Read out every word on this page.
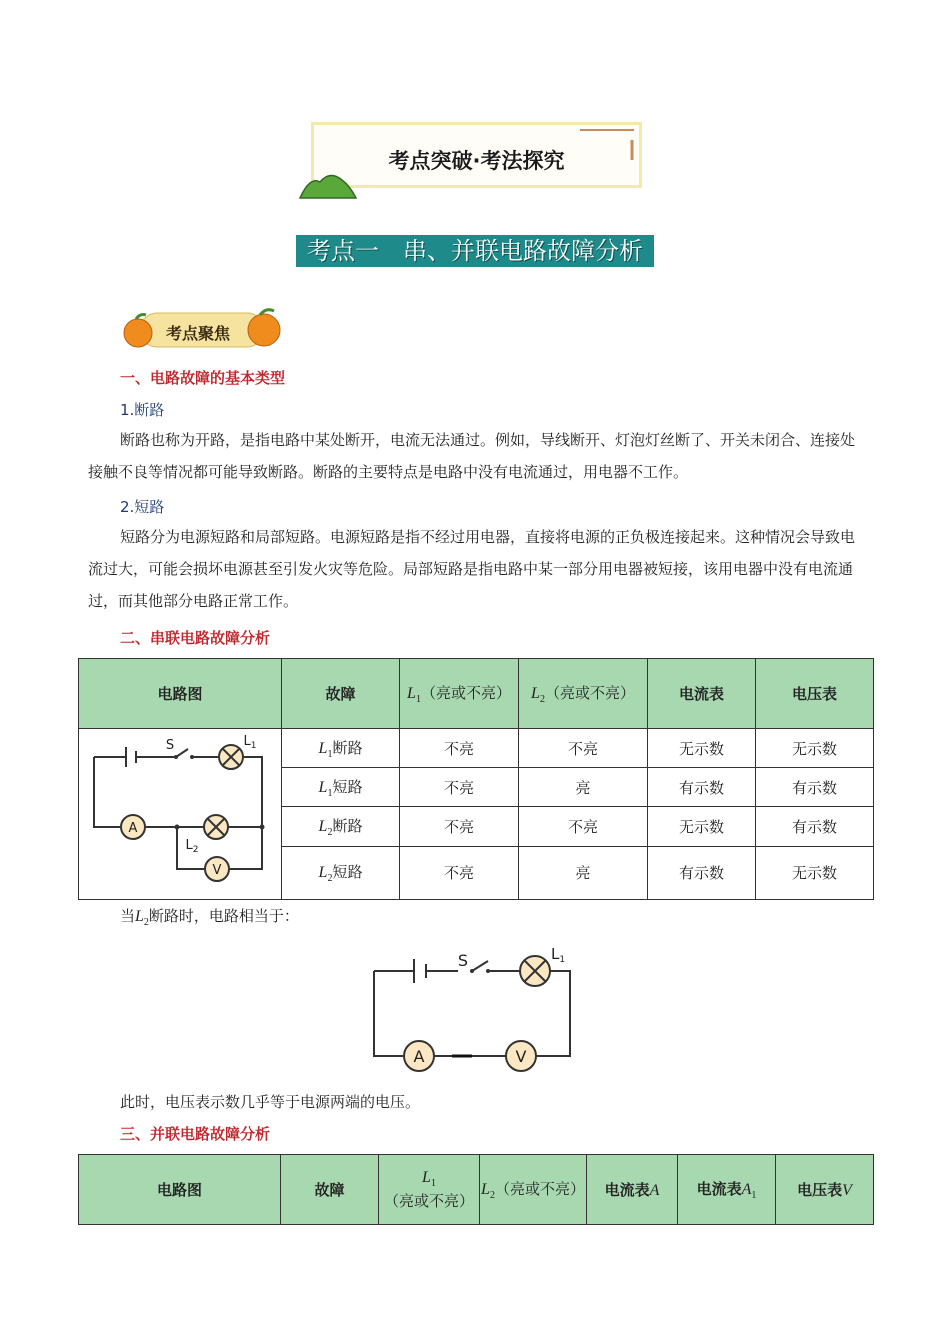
考点突破·考法探究
考点一　串、并联电路故障分析
考点聚焦
一、电路故障的基本类型
1.断路

断路也称为开路，是指电路中某处断开，电流无法通过。例如，导线断开、灯泡灯丝断了、开关未闭合、连接处接触不良等情况都可能导致断路。断路的主要特点是电路中没有电流通过，用电器不工作。

2.短路

短路分为电源短路和局部短路。电源短路是指不经过用电器，直接将电源的正负极连接起来。这种情况会导致电流过大，可能会损坏电源甚至引发火灾等危险。局部短路是指电路中某一部分用电器被短接，该用电器中没有电流通过，而其他部分电路正常工作。

二、串联电路故障分析
电路图	故障	$L_1$（亮或不亮）	$L_2$（亮或不亮）	电流表	电压表

A
V
S $L_1$
$L_2$	$L_1$断路	不亮	不亮	无示数	无示数
	$L_1$短路	不亮	亮	有示数	有示数
	$L_2$断路	不亮	不亮	无示数	有示数
	$L_2$短路	不亮	亮	有示数	无示数
当$L_2$断路时，电路相当于：
A	V
S	$L_1$
此时，电压表示数几乎等于电源两端的电压。
三、并联电路故障分析
电路图	故障	$L_1$（亮或不亮）	$L_2$（亮或不亮）	电流表A	电流表$A_1$	电压表V
